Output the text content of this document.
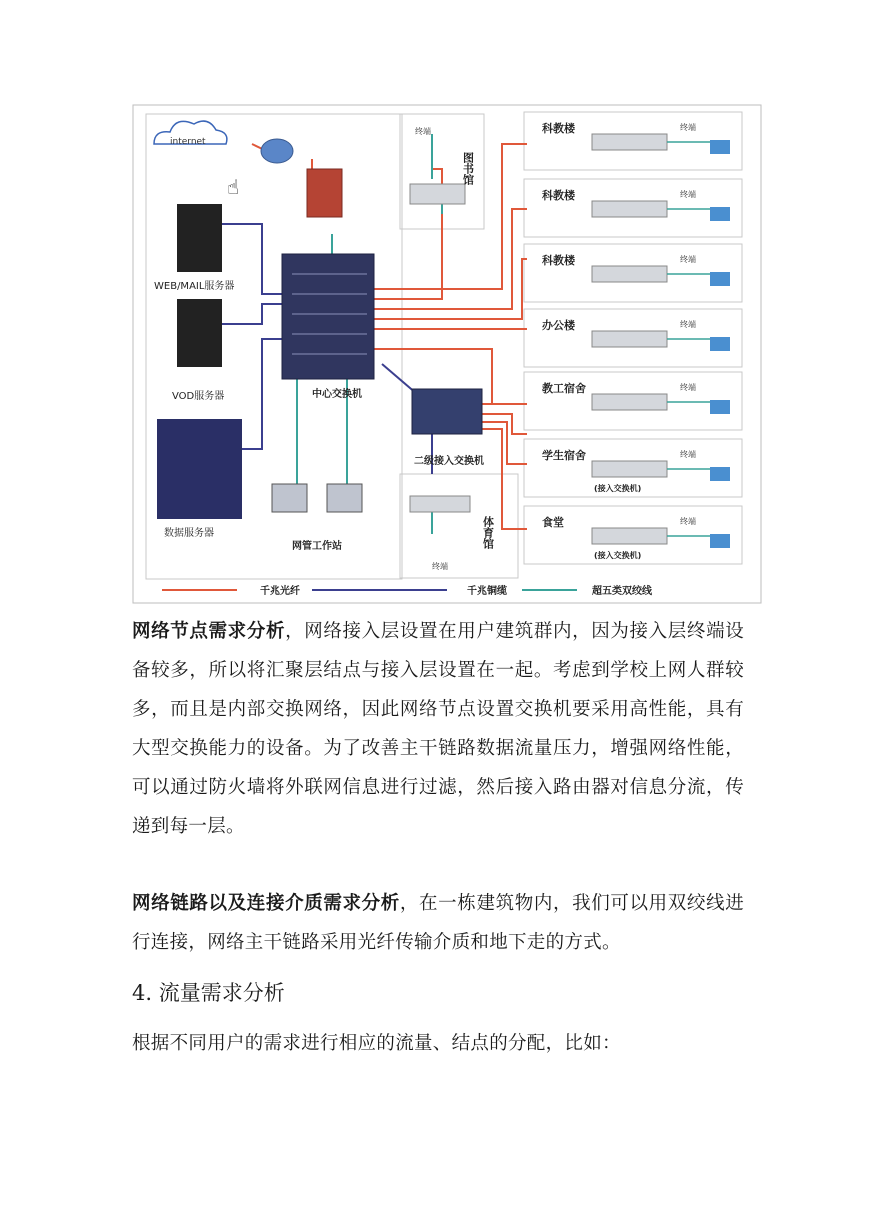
internet
☝
WEB/MAIL服务器
VOD服务器
数据服务器
中心交换机
终端
图书馆
二级接入交换机
网管工作站
终端
体育馆
千兆光纤	千兆铜缆	超五类双绞线
科教楼	终端
科教楼	终端
科教楼	终端
办公楼	终端
教工宿舍	终端
学生宿舍	终端
(接入交换机)
食堂	终端
(接入交换机)

网络节点需求分析，网络接入层设置在用户建筑群内，因为接入层终端设备较多，所以将汇聚层结点与接入层设置在一起。考虑到学校上网人群较多，而且是内部交换网络，因此网络节点设置交换机要采用高性能，具有大型交换能力的设备。为了改善主干链路数据流量压力，增强网络性能，可以通过防火墙将外联网信息进行过滤，然后接入路由器对信息分流，传递到每一层。

网络链路以及连接介质需求分析，在一栋建筑物内，我们可以用双绞线进行连接，网络主干链路采用光纤传输介质和地下走的方式。

4. 流量需求分析

根据不同用户的需求进行相应的流量、结点的分配，比如：
